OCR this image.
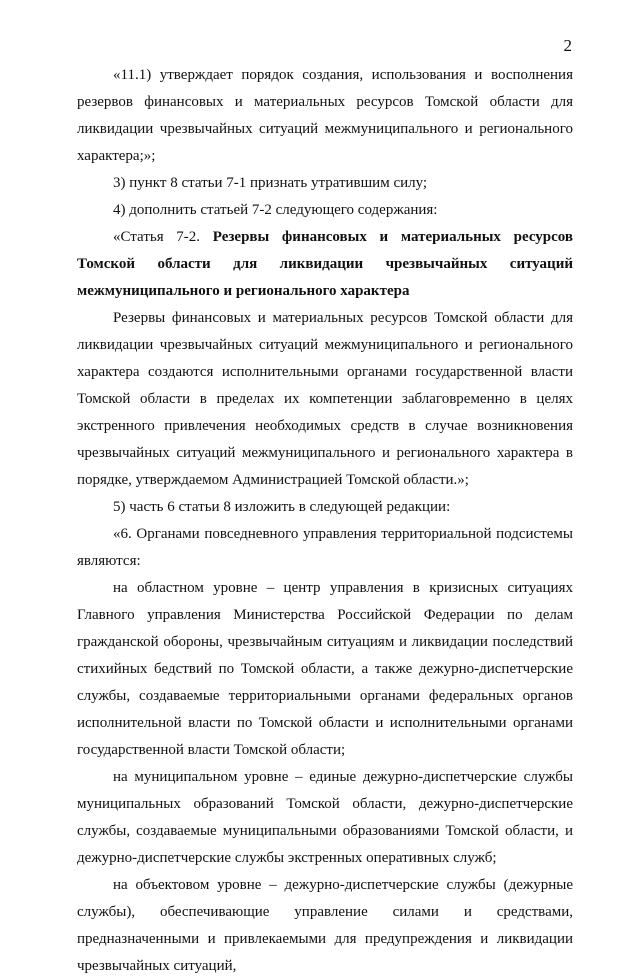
2

«11.1) утверждает порядок создания, использования и восполнения резервов финансовых и материальных ресурсов Томской области для ликвидации чрезвычайных ситуаций межмуниципального и регионального характера;»;

3) пункт 8 статьи 7-1 признать утратившим силу;

4) дополнить статьей 7-2 следующего содержания:

«Статья 7-2. Резервы финансовых и материальных ресурсов Томской области для ликвидации чрезвычайных ситуаций межмуниципального и регионального характера

Резервы финансовых и материальных ресурсов Томской области для ликвидации чрезвычайных ситуаций межмуниципального и регионального характера создаются исполнительными органами государственной власти Томской области в пределах их компетенции заблаговременно в целях экстренного привлечения необходимых средств в случае возникновения чрезвычайных ситуаций межмуниципального и регионального характера в порядке, утверждаемом Администрацией Томской области.»;

5) часть 6 статьи 8 изложить в следующей редакции:

«6. Органами повседневного управления территориальной подсистемы являются:

на областном уровне – центр управления в кризисных ситуациях Главного управления Министерства Российской Федерации по делам гражданской обороны, чрезвычайным ситуациям и ликвидации последствий стихийных бедствий по Томской области, а также дежурно-диспетчерские службы, создаваемые территориальными органами федеральных органов исполнительной власти по Томской области и исполнительными органами государственной власти Томской области;

на муниципальном уровне – единые дежурно-диспетчерские службы муниципальных образований Томской области, дежурно-диспетчерские службы, создаваемые муниципальными образованиями Томской области, и дежурно-диспетчерские службы экстренных оперативных служб;

на объектовом уровне – дежурно-диспетчерские службы (дежурные службы), обеспечивающие управление силами и средствами, предназначенными и привлекаемыми для предупреждения и ликвидации чрезвычайных ситуаций,
